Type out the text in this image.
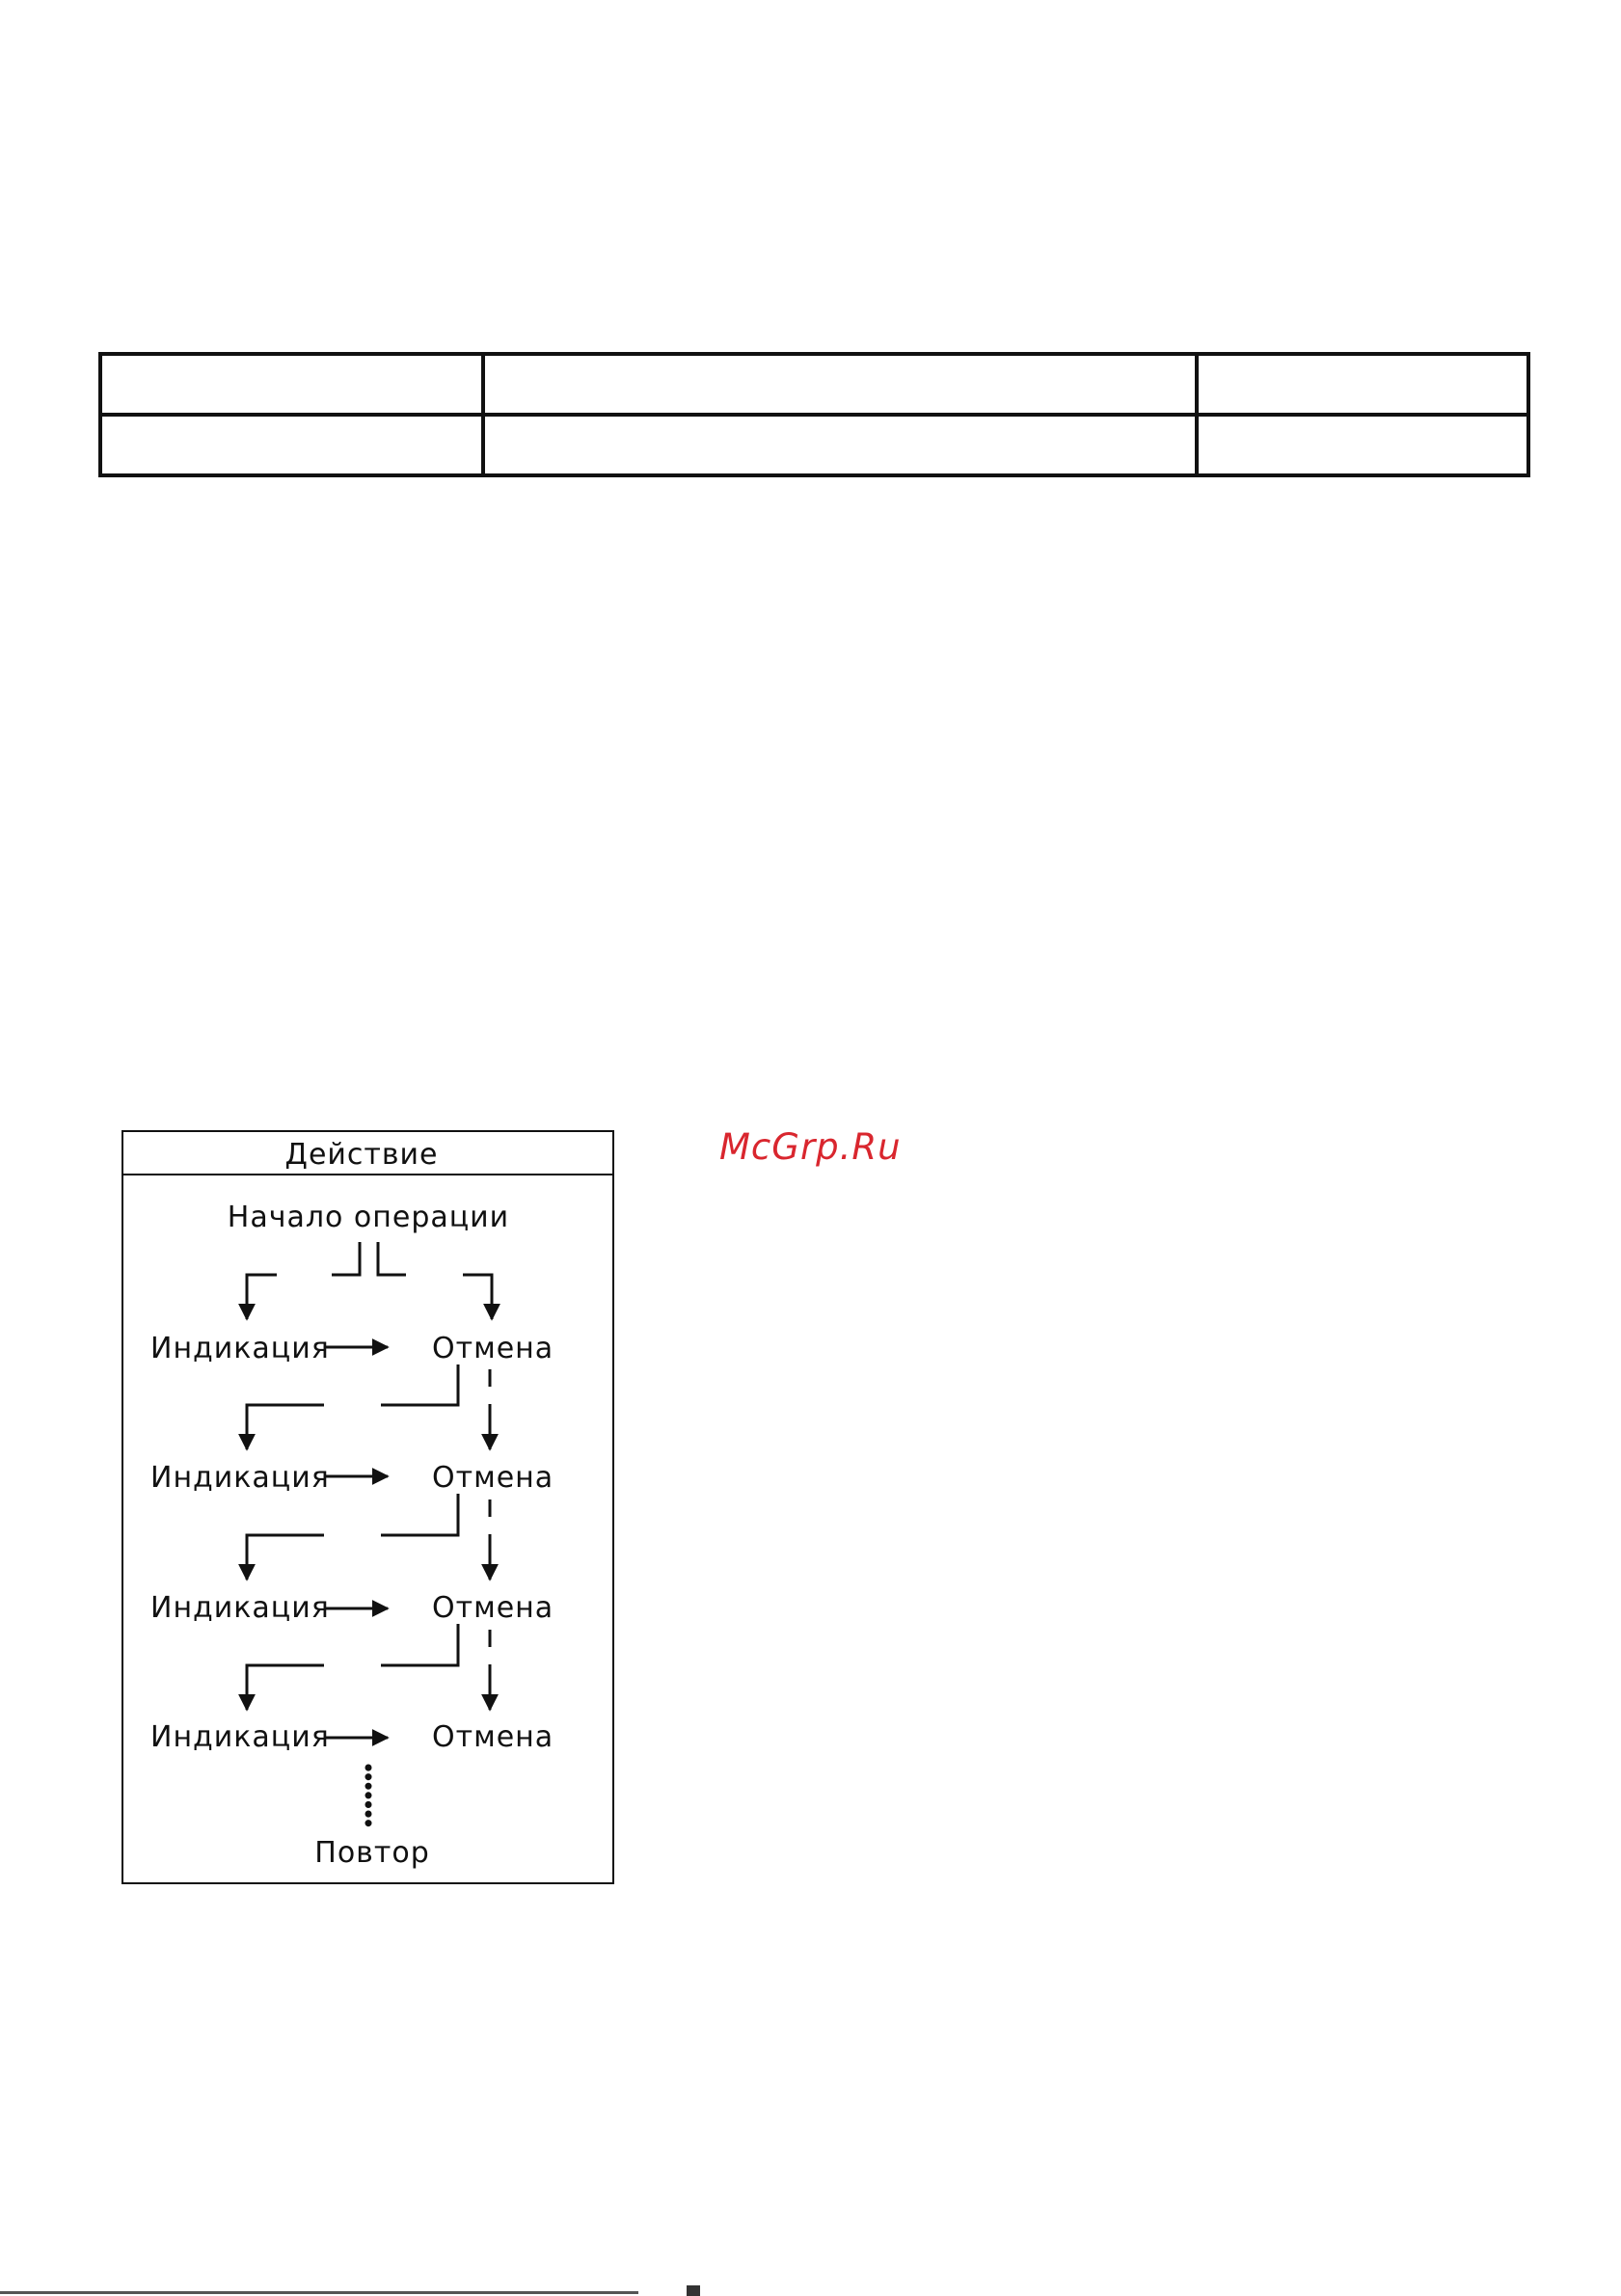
Действие
Начало операции
Индикация	Отмена
Индикация	Отмена
Индикация	Отмена
Индикация	Отмена
Повтор
McGrp.Ru
